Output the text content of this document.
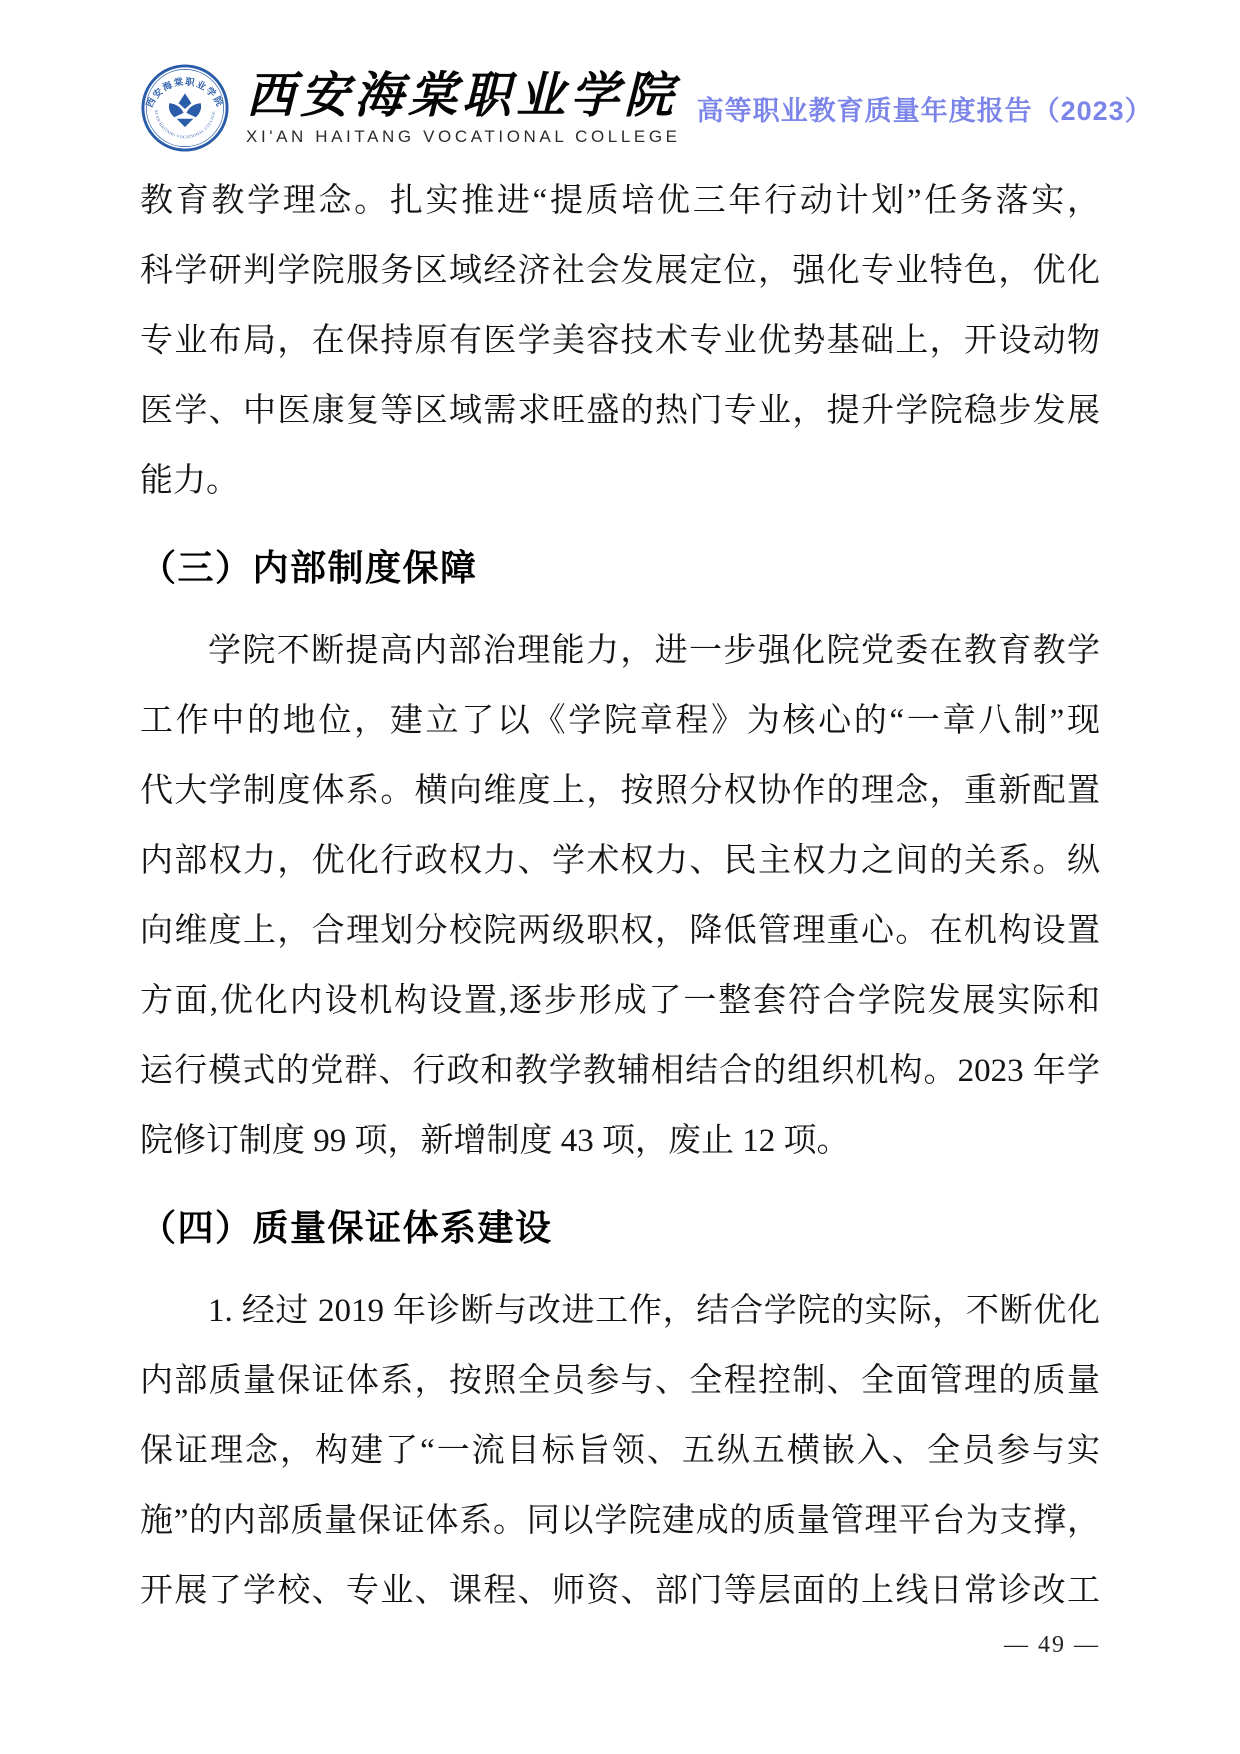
西安海棠职业学院
XI'AN HAITANG VOCATIONAL COLLEGE 西安海棠职业学院
XI'AN HAITANG VOCATIONAL COLLEGE
高等职业教育质量年度报告（2023）
教育教学理念。扎实推进“提质培优三年行动计划”任务落实，
科学研判学院服务区域经济社会发展定位，强化专业特色，优化
专业布局，在保持原有医学美容技术专业优势基础上，开设动物
医学、中医康复等区域需求旺盛的热门专业，提升学院稳步发展
能力。
（三）内部制度保障
学院不断提高内部治理能力，进一步强化院党委在教育教学
工作中的地位，建立了以《学院章程》为核心的“一章八制”现
代大学制度体系。横向维度上，按照分权协作的理念，重新配置
内部权力，优化行政权力、学术权力、民主权力之间的关系。纵
向维度上，合理划分校院两级职权，降低管理重心。在机构设置
方面,优化内设机构设置,逐步形成了一整套符合学院发展实际和
运行模式的党群、行政和教学教辅相结合的组织机构。2023 年学
院修订制度 99 项，新增制度 43 项，废止 12 项。
（四）质量保证体系建设
1. 经过 2019 年诊断与改进工作，结合学院的实际，不断优化
内部质量保证体系，按照全员参与、全程控制、全面管理的质量
保证理念，构建了“一流目标旨领、五纵五横嵌入、全员参与实
施”的内部质量保证体系。同以学院建成的质量管理平台为支撑，
开展了学校、专业、课程、师资、部门等层面的上线日常诊改工
— 49 —
